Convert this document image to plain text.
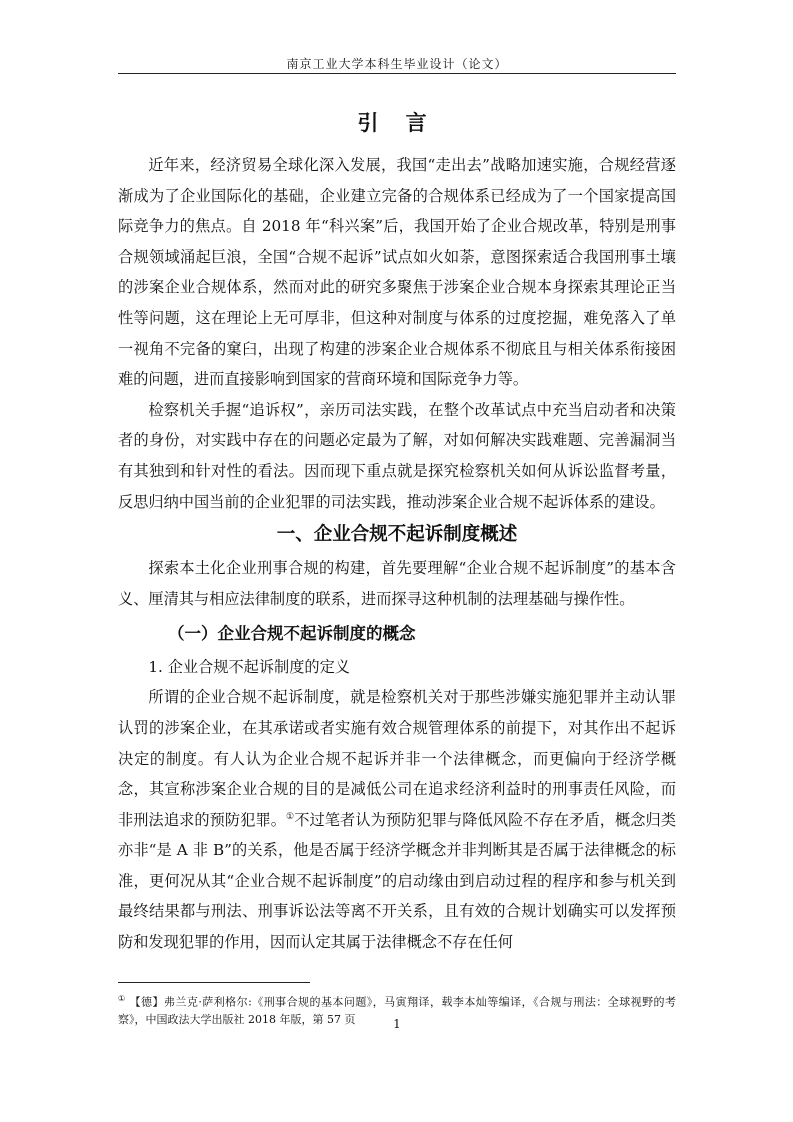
南京工业大学本科生毕业设计（论文）
引 言

近年来，经济贸易全球化深入发展，我国“走出去”战略加速实施，合规经营逐渐成为了企业国际化的基础，企业建立完备的合规体系已经成为了一个国家提高国际竞争力的焦点。自 2018 年“科兴案”后，我国开始了企业合规改革，特别是刑事合规领域涌起巨浪，全国“合规不起诉”试点如火如荼，意图探索适合我国刑事土壤的涉案企业合规体系，然而对此的研究多聚焦于涉案企业合规本身探索其理论正当性等问题，这在理论上无可厚非，但这种对制度与体系的过度挖掘，难免落入了单一视角不完备的窠臼，出现了构建的涉案企业合规体系不彻底且与相关体系衔接困难的问题，进而直接影响到国家的营商环境和国际竞争力等。

检察机关手握“追诉权”，亲历司法实践，在整个改革试点中充当启动者和决策者的身份，对实践中存在的问题必定最为了解，对如何解决实践难题、完善漏洞当有其独到和针对性的看法。因而现下重点就是探究检察机关如何从诉讼监督考量，反思归纳中国当前的企业犯罪的司法实践，推动涉案企业合规不起诉体系的建设。

一、企业合规不起诉制度概述

探索本土化企业刑事合规的构建，首先要理解“企业合规不起诉制度”的基本含义、厘清其与相应法律制度的联系，进而探寻这种机制的法理基础与操作性。

（一）企业合规不起诉制度的概念

1. 企业合规不起诉制度的定义

所谓的企业合规不起诉制度，就是检察机关对于那些涉嫌实施犯罪并主动认罪认罚的涉案企业，在其承诺或者实施有效合规管理体系的前提下，对其作出不起诉决定的制度。有人认为企业合规不起诉并非一个法律概念，而更偏向于经济学概念，其宣称涉案企业合规的目的是减低公司在追求经济利益时的刑事责任风险，而非刑法追求的预防犯罪。①不过笔者认为预防犯罪与降低风险不存在矛盾，概念归类亦非“是 A 非 B”的关系，他是否属于经济学概念并非判断其是否属于法律概念的标准，更何况从其“企业合规不起诉制度”的启动缘由到启动过程的程序和参与机关到最终结果都与刑法、刑事诉讼法等离不开关系，且有效的合规计划确实可以发挥预防和发现犯罪的作用，因而认定其属于法律概念不存在任何

① 【德】弗兰克·萨利格尔:《刑事合规的基本问题》，马寅翔译，载李本灿等编译，《合规与刑法：全球视野的考察》，中国政法大学出版社 2018 年版，第 57 页	1
